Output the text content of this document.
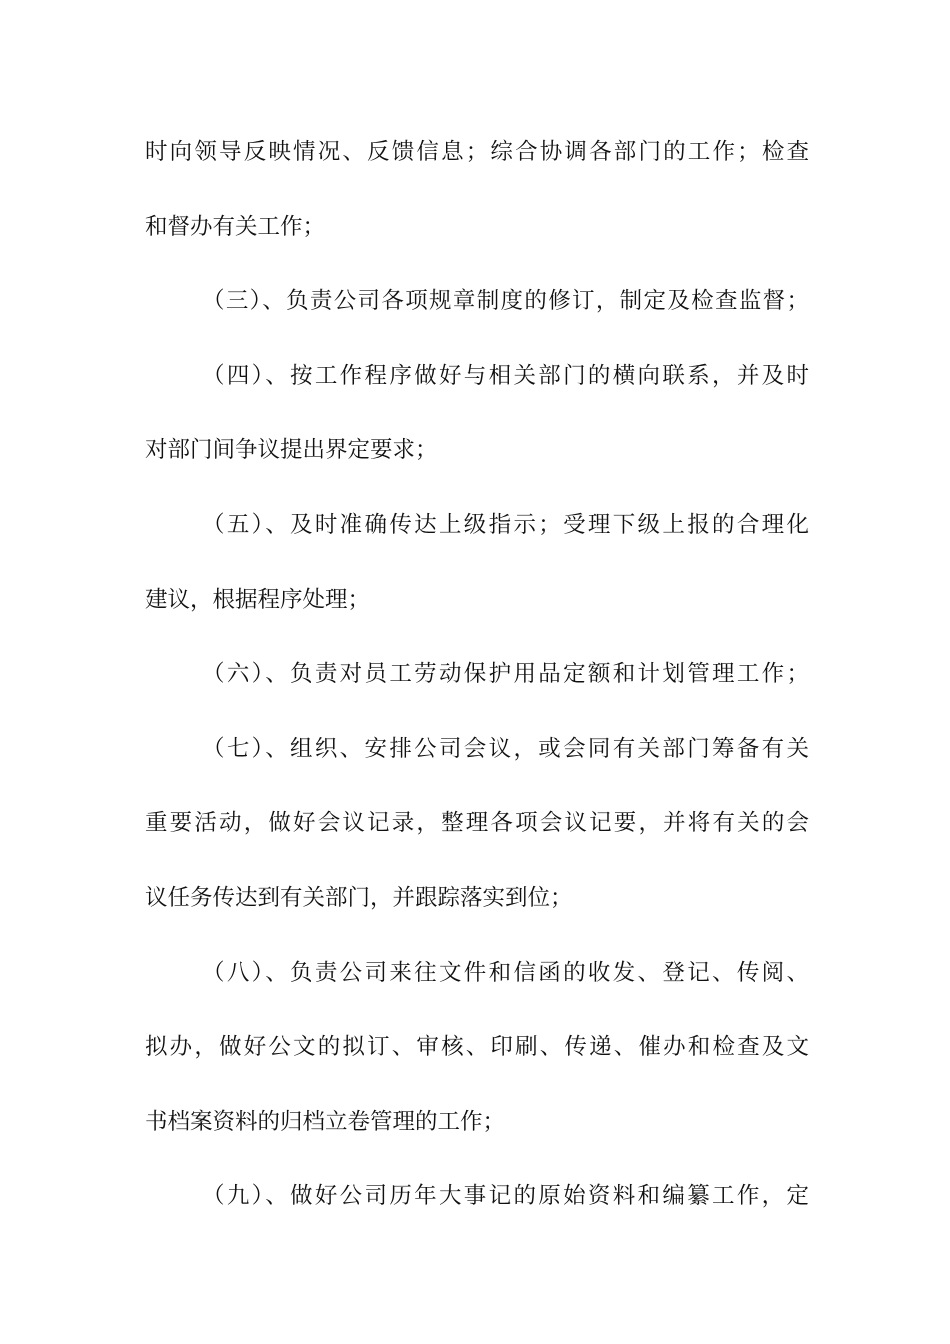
时向领导反映情况、反馈信息；综合协调各部门的工作；检查
和督办有关工作；
（三）、负责公司各项规章制度的修订，制定及检查监督；
（四）、按工作程序做好与相关部门的横向联系，并及时
对部门间争议提出界定要求；
（五）、及时准确传达上级指示；受理下级上报的合理化
建议，根据程序处理；
（六）、负责对员工劳动保护用品定额和计划管理工作；
（七）、组织、安排公司会议，或会同有关部门筹备有关
重要活动，做好会议记录，整理各项会议记要，并将有关的会
议任务传达到有关部门，并跟踪落实到位；
（八）、负责公司来往文件和信函的收发、登记、传阅、
拟办，做好公文的拟订、审核、印刷、传递、催办和检查及文
书档案资料的归档立卷管理的工作；
（九）、做好公司历年大事记的原始资料和编纂工作，定
